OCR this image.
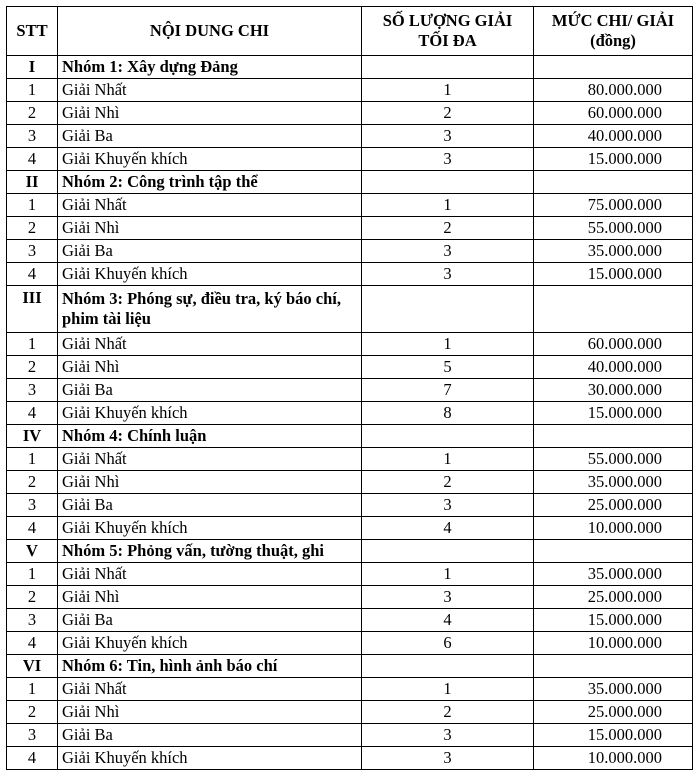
STT	NỘI DUNG CHI	SỐ LƯỢNG GIẢI TỐI ĐA	MỨC CHI/ GIẢI (đồng)
I	Nhóm 1: Xây dựng Đảng		
1	Giải Nhất	1	80.000.000
2	Giải Nhì	2	60.000.000
3	Giải Ba	3	40.000.000
4	Giải Khuyến khích	3	15.000.000
II	Nhóm 2: Công trình tập thể		
1	Giải Nhất	1	75.000.000
2	Giải Nhì	2	55.000.000
3	Giải Ba	3	35.000.000
4	Giải Khuyến khích	3	15.000.000
III	Nhóm 3: Phóng sự, điều tra, ký báo chí, phim tài liệu		
1	Giải Nhất	1	60.000.000
2	Giải Nhì	5	40.000.000
3	Giải Ba	7	30.000.000
4	Giải Khuyến khích	8	15.000.000
IV	Nhóm 4: Chính luận		
1	Giải Nhất	1	55.000.000
2	Giải Nhì	2	35.000.000
3	Giải Ba	3	25.000.000
4	Giải Khuyến khích	4	10.000.000
V	Nhóm 5: Phỏng vấn, tường thuật, ghi		
1	Giải Nhất	1	35.000.000
2	Giải Nhì	3	25.000.000
3	Giải Ba	4	15.000.000
4	Giải Khuyến khích	6	10.000.000
VI	Nhóm 6: Tin, hình ảnh báo chí		
1	Giải Nhất	1	35.000.000
2	Giải Nhì	2	25.000.000
3	Giải Ba	3	15.000.000
4	Giải Khuyến khích	3	10.000.000
